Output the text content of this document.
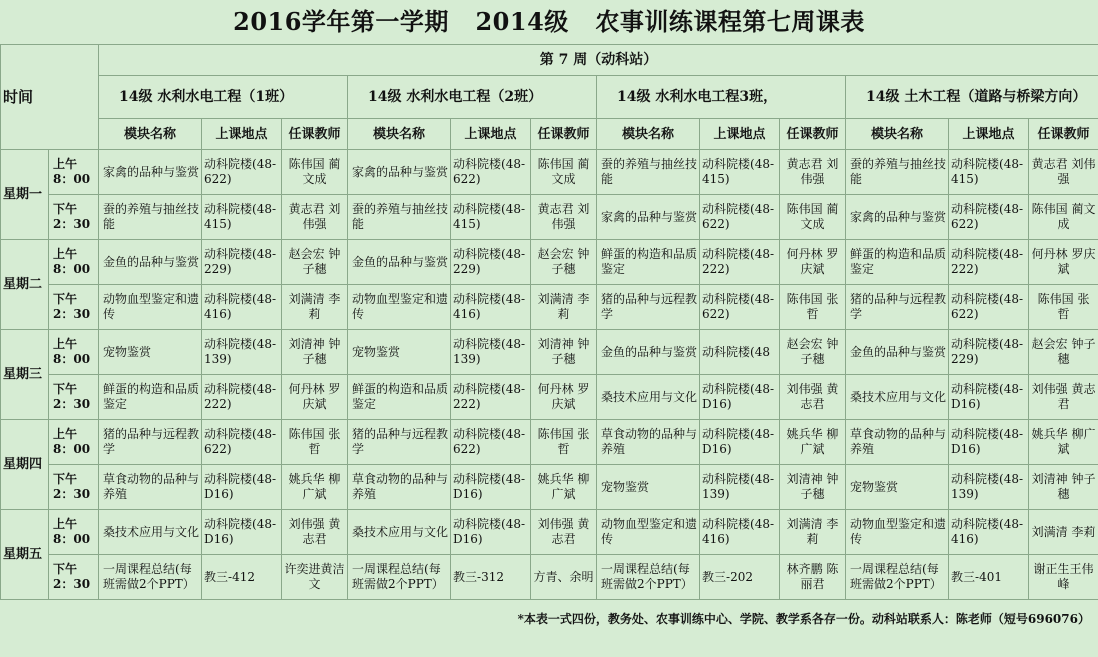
2016学年第一学期   2014级   农事训练课程第七周课表
时间		第 7 周（动科站）											
		14级 水利水电工程（1班）			14级 水利水电工程（2班）			14级 水利水电工程3班，			14级 土木工程（道路与桥梁方向）		
		模块名称	上课地点	任课教师	模块名称	上课地点	任课教师	模块名称	上课地点	任课教师	模块名称	上课地点	任课教师
星期一	上午
8：00	家禽的品种与鉴赏	动科院楼(48-622)	陈伟国 蔺文成	家禽的品种与鉴赏	动科院楼(48-622)	陈伟国 蔺文成	蚕的养殖与抽丝技能	动科院楼(48-415)	黄志君 刘伟强	蚕的养殖与抽丝技能	动科院楼(48-415)	黄志君 刘伟强

	下午
2：30	蚕的养殖与抽丝技能	动科院楼(48-415)	黄志君 刘伟强	蚕的养殖与抽丝技能	动科院楼(48-415)	黄志君 刘伟强	家禽的品种与鉴赏	动科院楼(48-622)	陈伟国 蔺文成	家禽的品种与鉴赏	动科院楼(48-622)	陈伟国 蔺文成
星期二	上午
8：00	金鱼的品种与鉴赏	动科院楼(48-229)	赵会宏 钟子穗	金鱼的品种与鉴赏	动科院楼(48-229)	赵会宏 钟子穗	鲜蛋的构造和品质鉴定	动科院楼(48-222)	何丹林 罗庆斌	鲜蛋的构造和品质鉴定	动科院楼(48-222)	何丹林 罗庆斌

	下午
2：30	动物血型鉴定和遗传	动科院楼(48-416)	刘满清 李莉	动物血型鉴定和遗传	动科院楼(48-416)	刘满清 李莉	猪的品种与远程教学	动科院楼(48-622)	陈伟国 张 哲	猪的品种与远程教学	动科院楼(48-622)	陈伟国 张 哲
星期三	上午
8：00	宠物鉴赏	动科院楼(48-139)	刘清神 钟子穗	宠物鉴赏	动科院楼(48-139)	刘清神 钟子穗	金鱼的品种与鉴赏	动科院楼(48	赵会宏 钟子穗	金鱼的品种与鉴赏	动科院楼(48-229)	赵会宏 钟子穗

	下午
2：30	鲜蛋的构造和品质鉴定	动科院楼(48-222)	何丹林 罗庆斌	鲜蛋的构造和品质鉴定	动科院楼(48-222)	何丹林 罗庆斌	桑技术应用与文化	动科院楼(48-D16)	刘伟强 黄志君	桑技术应用与文化	动科院楼(48-D16)	刘伟强 黄志君
星期四	上午
8：00	猪的品种与远程教学	动科院楼(48-622)	陈伟国 张 哲	猪的品种与远程教学	动科院楼(48-622)	陈伟国 张 哲	草食动物的品种与养殖	动科院楼(48-D16)	姚兵华 柳广斌	草食动物的品种与养殖	动科院楼(48-D16)	姚兵华 柳广斌

	下午
2：30	草食动物的品种与养殖	动科院楼(48-D16)	姚兵华 柳广斌	草食动物的品种与养殖	动科院楼(48-D16)	姚兵华 柳广斌	宠物鉴赏	动科院楼(48-139)	刘清神 钟子穗	宠物鉴赏	动科院楼(48-139)	刘清神 钟子穗
星期五	上午
8：00	桑技术应用与文化	动科院楼(48-D16)	刘伟强 黄志君	桑技术应用与文化	动科院楼(48-D16)	刘伟强 黄志君	动物血型鉴定和遗传	动科院楼(48-416)	刘满清 李莉	动物血型鉴定和遗传	动科院楼(48-416)	刘满清 李莉

	下午
2：30	一周课程总结(每班需做2个PPT）	教三-412	许奕进黄洁文	一周课程总结(每班需做2个PPT）	教三-312	方青、余明	一周课程总结(每班需做2个PPT）	教三-202	林齐鹏 陈丽君	一周课程总结(每班需做2个PPT）	教三-401	谢正生王伟峰
*本表一式四份，教务处、农事训练中心、学院、教学系各存一份。动科站联系人：陈老师（短号696076）
